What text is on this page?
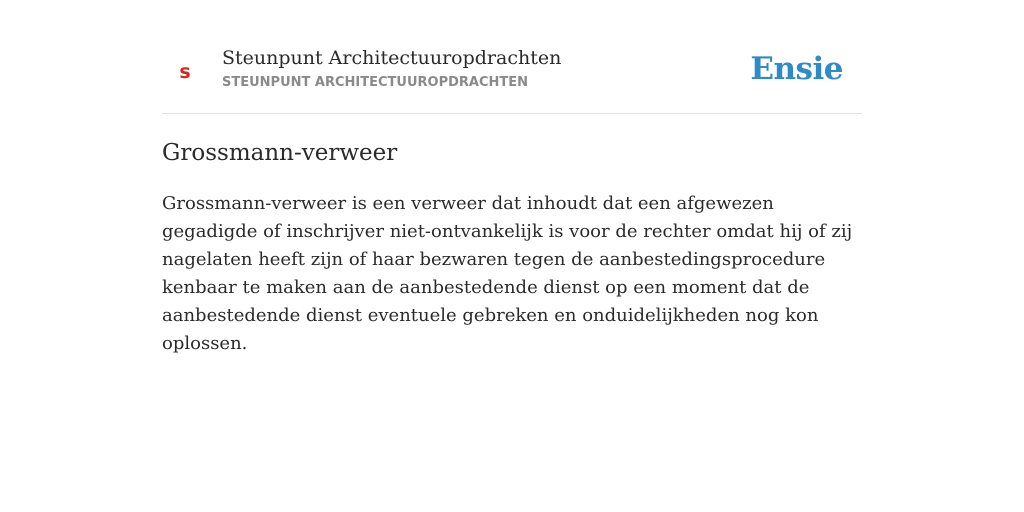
s
Steunpunt Architectuuropdrachten
STEUNPUNT ARCHITECTUUROPDRACHTEN	Ensie
Grossmann-verweer

Grossmann-verweer is een verweer dat inhoudt dat een afgewezen gegadigde of inschrijver niet-ontvankelijk is voor de rechter omdat hij of zij nagelaten heeft zijn of haar bezwaren tegen de aanbestedingsprocedure kenbaar te maken aan de aanbestedende dienst op een moment dat de aanbestedende dienst eventuele gebreken en onduidelijkheden nog kon oplossen.
